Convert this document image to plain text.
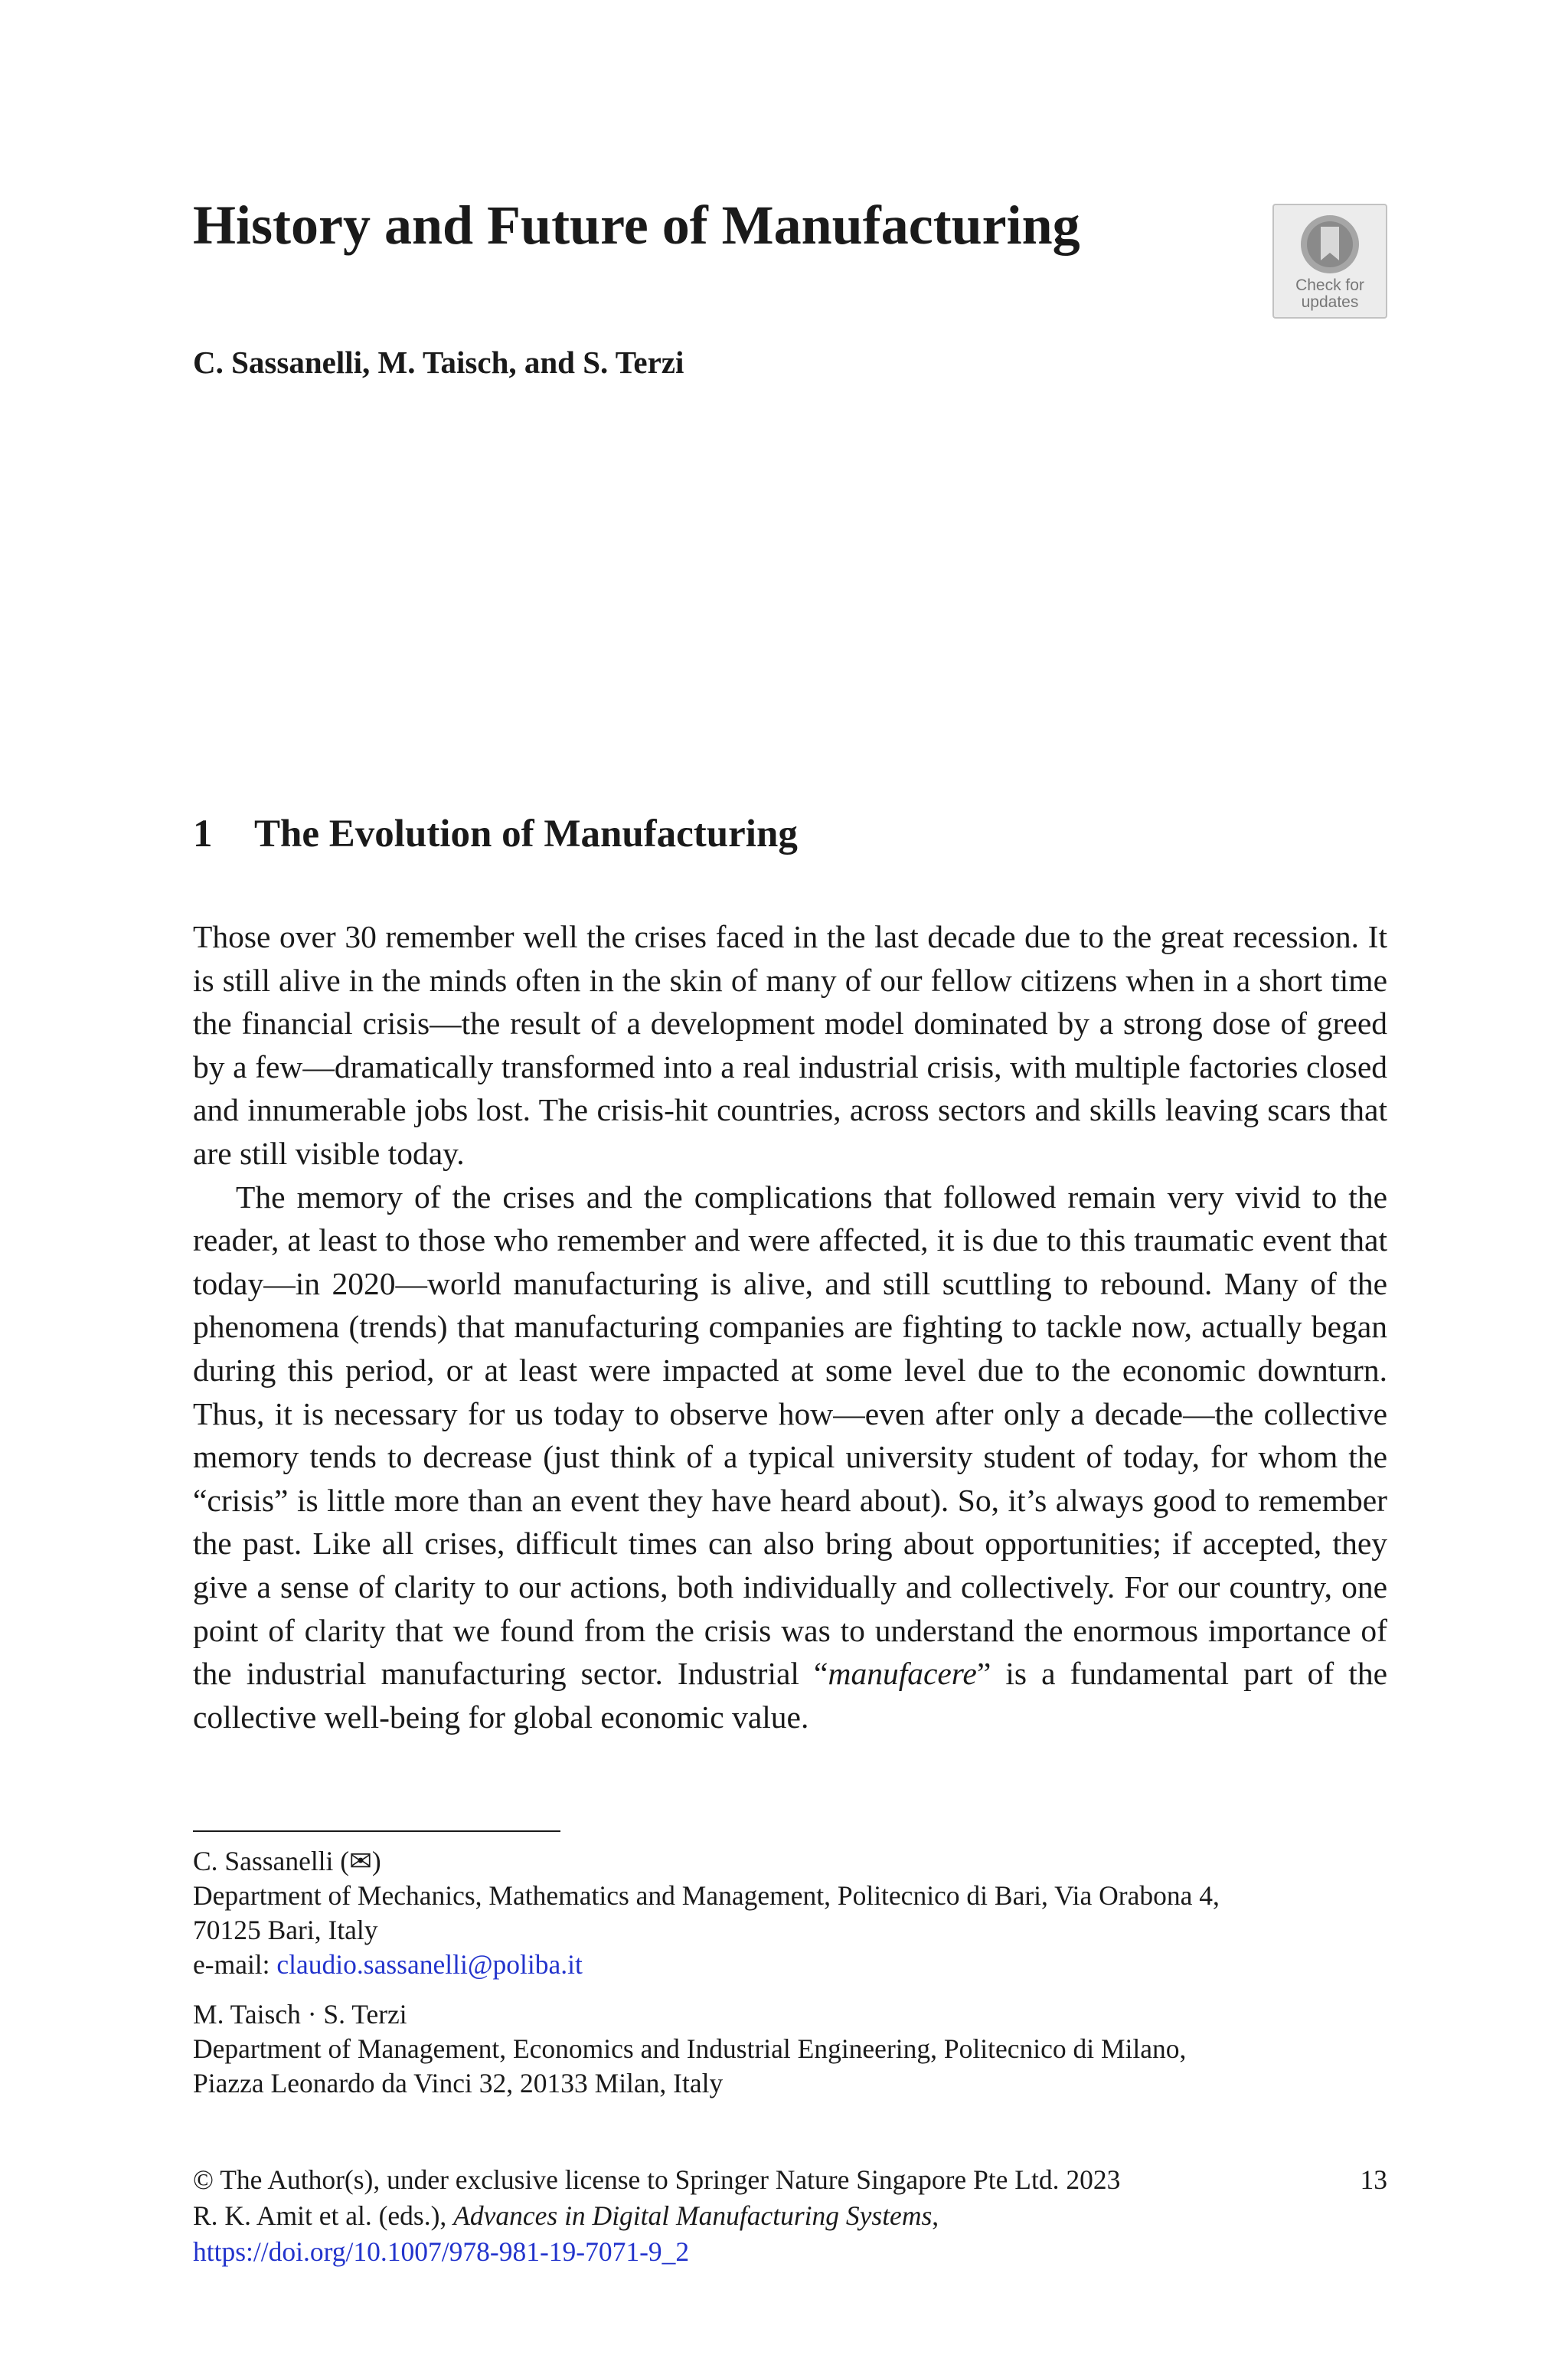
History and Future of Manufacturing
C. Sassanelli, M. Taisch, and S. Terzi
Check for
updates
1 The Evolution of Manufacturing

Those over 30 remember well the crises faced in the last decade due to the great recession. It is still alive in the minds often in the skin of many of our fellow citizens when in a short time the financial crisis—the result of a development model dominated by a strong dose of greed by a few—dramatically transformed into a real industrial crisis, with multiple factories closed and innumerable jobs lost. The crisis-hit countries, across sectors and skills leaving scars that are still visible today.

The memory of the crises and the complications that followed remain very vivid to the reader, at least to those who remember and were affected, it is due to this traumatic event that today—in 2020—world manufacturing is alive, and still scuttling to rebound. Many of the phenomena (trends) that manufacturing companies are fighting to tackle now, actually began during this period, or at least were impacted at some level due to the economic downturn. Thus, it is necessary for us today to observe how—even after only a decade—the collective memory tends to decrease (just think of a typical university student of today, for whom the “crisis” is little more than an event they have heard about). So, it’s always good to remember the past. Like all crises, difficult times can also bring about opportunities; if accepted, they give a sense of clarity to our actions, both individually and collectively. For our country, one point of clarity that we found from the crisis was to understand the enormous importance of the industrial manufacturing sector. Industrial “manufacere” is a fundamental part of the collective well-being for global economic value.

C. Sassanelli (✉)
Department of Mechanics, Mathematics and Management, Politecnico di Bari, Via Orabona 4,
70125 Bari, Italy
e-mail: claudio.sassanelli@poliba.it
M. Taisch · S. Terzi
Department of Management, Economics and Industrial Engineering, Politecnico di Milano,
Piazza Leonardo da Vinci 32, 20133 Milan, Italy
© The Author(s), under exclusive license to Springer Nature Singapore Pte Ltd. 2023
R. K. Amit et al. (eds.), Advances in Digital Manufacturing Systems,
https://doi.org/10.1007/978-981-19-7071-9_2
13
